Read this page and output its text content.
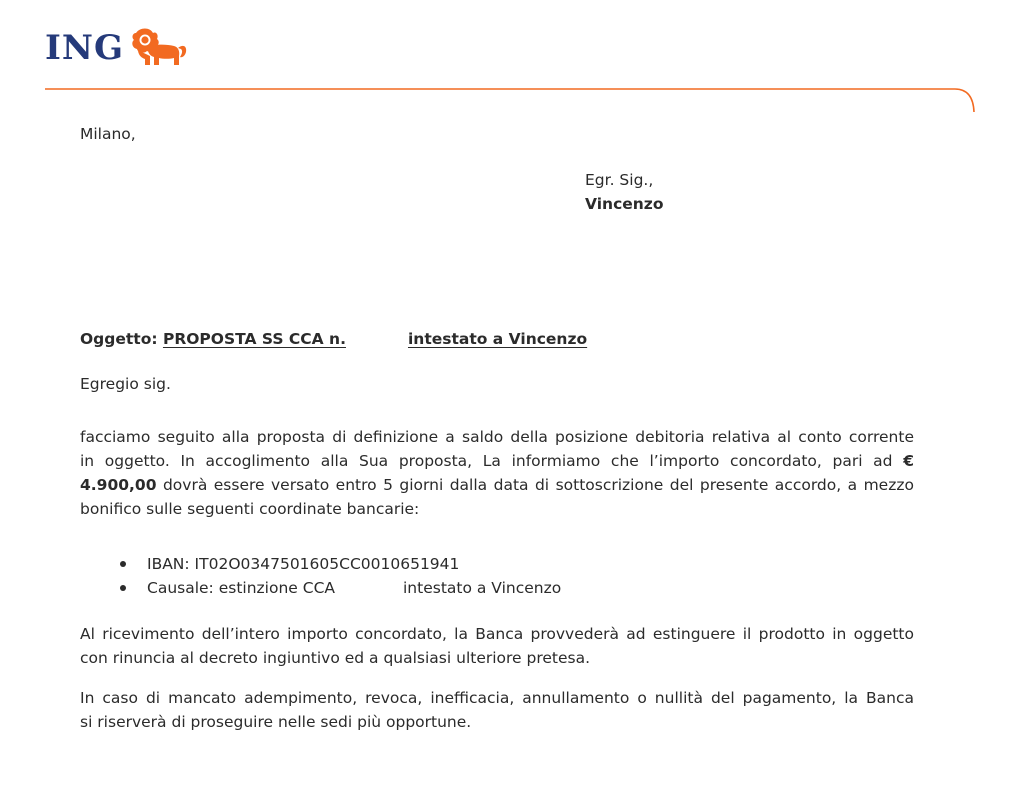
ING
Milano,
Egr. Sig.,
Vincenzo
Oggetto: PROPOSTA SS CCA n.	intestato a Vincenzo
Egregio sig.
facciamo seguito alla proposta di definizione a saldo della posizione debitoria relativa al conto corrente
in oggetto. In accoglimento alla Sua proposta, La informiamo che l’importo concordato, pari ad €
4.900,00 dovrà essere versato entro 5 giorni dalla data di sottoscrizione del presente accordo, a mezzo
bonifico sulle seguenti coordinate bancarie:
IBAN: IT02O0347501605CC0010651941
Causale: estinzione CCA	intestato a Vincenzo
Al ricevimento dell’intero importo concordato, la Banca provvederà ad estinguere il prodotto in oggetto
con rinuncia al decreto ingiuntivo ed a qualsiasi ulteriore pretesa.
In caso di mancato adempimento, revoca, inefficacia, annullamento o nullità del pagamento, la Banca
si riserverà di proseguire nelle sedi più opportune.
